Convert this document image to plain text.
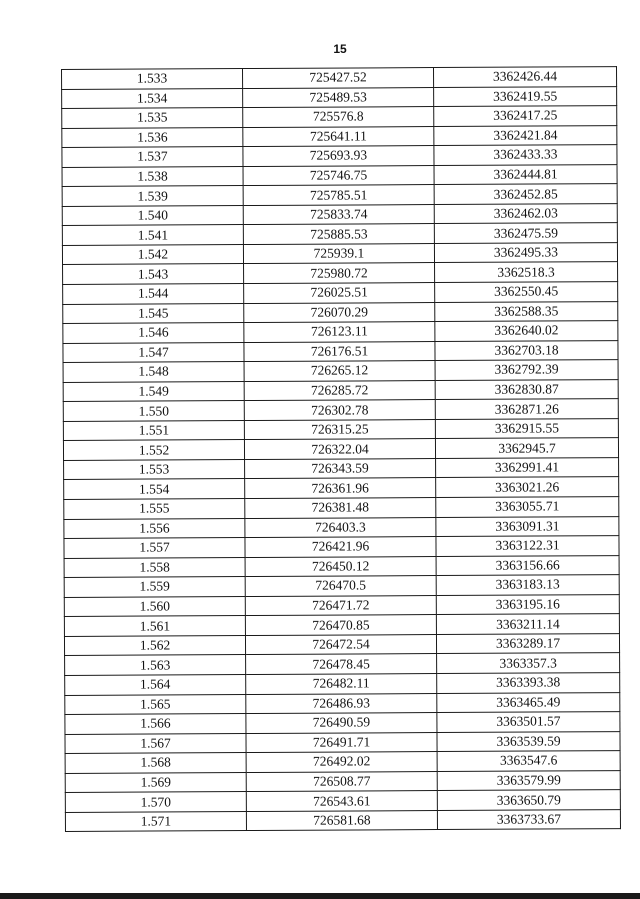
15
1.533	725427.52	3362426.44
1.534	725489.53	3362419.55
1.535	725576.8	3362417.25
1.536	725641.11	3362421.84
1.537	725693.93	3362433.33
1.538	725746.75	3362444.81
1.539	725785.51	3362452.85
1.540	725833.74	3362462.03
1.541	725885.53	3362475.59
1.542	725939.1	3362495.33
1.543	725980.72	3362518.3
1.544	726025.51	3362550.45
1.545	726070.29	3362588.35
1.546	726123.11	3362640.02
1.547	726176.51	3362703.18
1.548	726265.12	3362792.39
1.549	726285.72	3362830.87
1.550	726302.78	3362871.26
1.551	726315.25	3362915.55
1.552	726322.04	3362945.7
1.553	726343.59	3362991.41
1.554	726361.96	3363021.26
1.555	726381.48	3363055.71
1.556	726403.3	3363091.31
1.557	726421.96	3363122.31
1.558	726450.12	3363156.66
1.559	726470.5	3363183.13
1.560	726471.72	3363195.16
1.561	726470.85	3363211.14
1.562	726472.54	3363289.17
1.563	726478.45	3363357.3
1.564	726482.11	3363393.38
1.565	726486.93	3363465.49
1.566	726490.59	3363501.57
1.567	726491.71	3363539.59
1.568	726492.02	3363547.6
1.569	726508.77	3363579.99
1.570	726543.61	3363650.79
1.571	726581.68	3363733.67
